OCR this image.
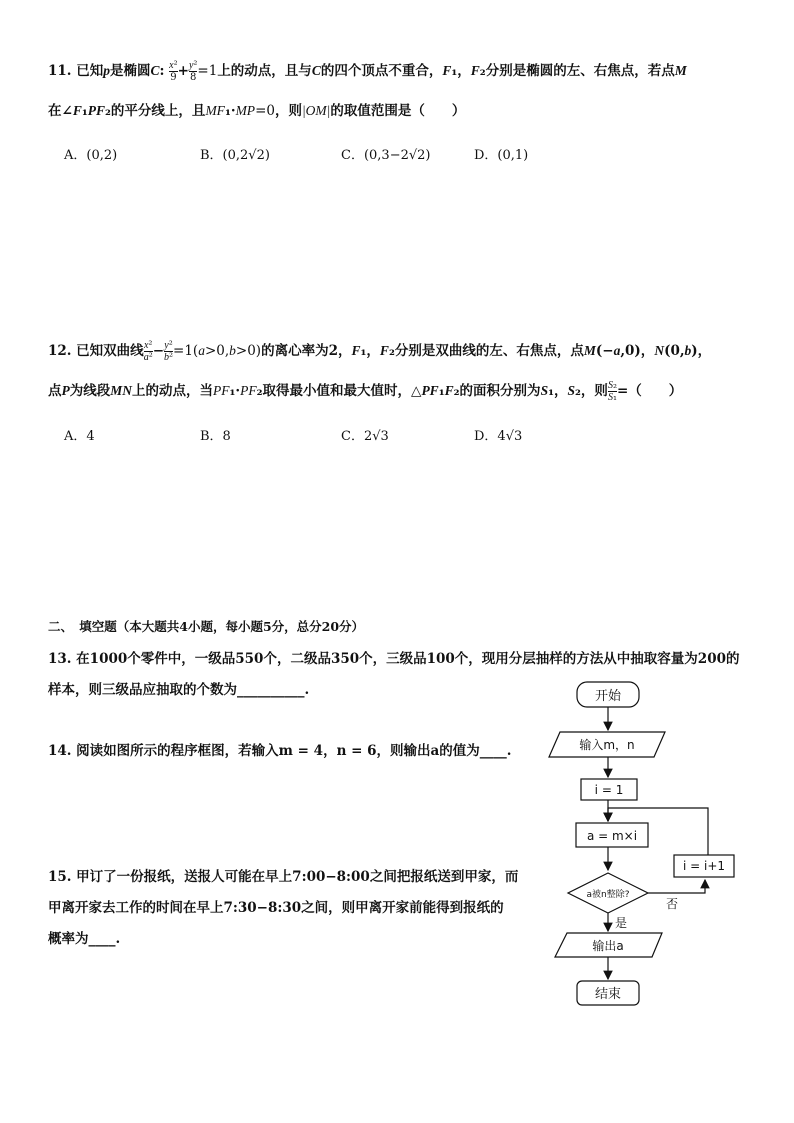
11. 已知p是椭圆C: $\frac{\text{x²}}{9} + \frac{\text{y²}}{8} =1$上的动点，且与C的四个顶点不重合，F₁，F₂分别是椭圆的左、右焦点，若点M
在∠F₁PF₂的平分线上，且MF₁·MP=0，则|OM|的取值范围是（　　）
A．(0,2)	B．(0,2√2)	C．(0,3−2√2)	D．(0,1)
12. 已知双曲线 $\frac{\text{x²}}{\text{a²}} - \frac{\text{y²}}{\text{b²}} =1(a>0,b>0)$的离心率为2，F₁，F₂分别是双曲线的左、右焦点，点M(−a,0)，N(0,b)，
点P为线段MN上的动点，当PF₁·PF₂取得最小值和最大值时，△PF₁F₂的面积分别为S₁，S₂，则 $\frac{\text{S₂}}{\text{S₁}}$ =（　　）
A．4	B．8	C．2√3	D．4√3
二、　填空题（本大题共4小题，每小题5分，总分20分）
13. 在1000个零件中，一级品550个，二级品350个，三级品100个，现用分层抽样的方法从中抽取容量为200的
样本，则三级品应抽取的个数为__________.
14. 阅读如图所示的程序框图，若输入m = 4，n = 6，则输出a的值为____.
15. 甲订了一份报纸，送报人可能在早上7:00−8:00之间把报纸送到甲家，而
甲离开家去工作的时间在早上7:30−8:30之间，则甲离开家前能得到报纸的
概率为____.
开始
输入m，n
i = 1
a = m×i
a被n整除?
i = i+1
是
否
输出a
结束
